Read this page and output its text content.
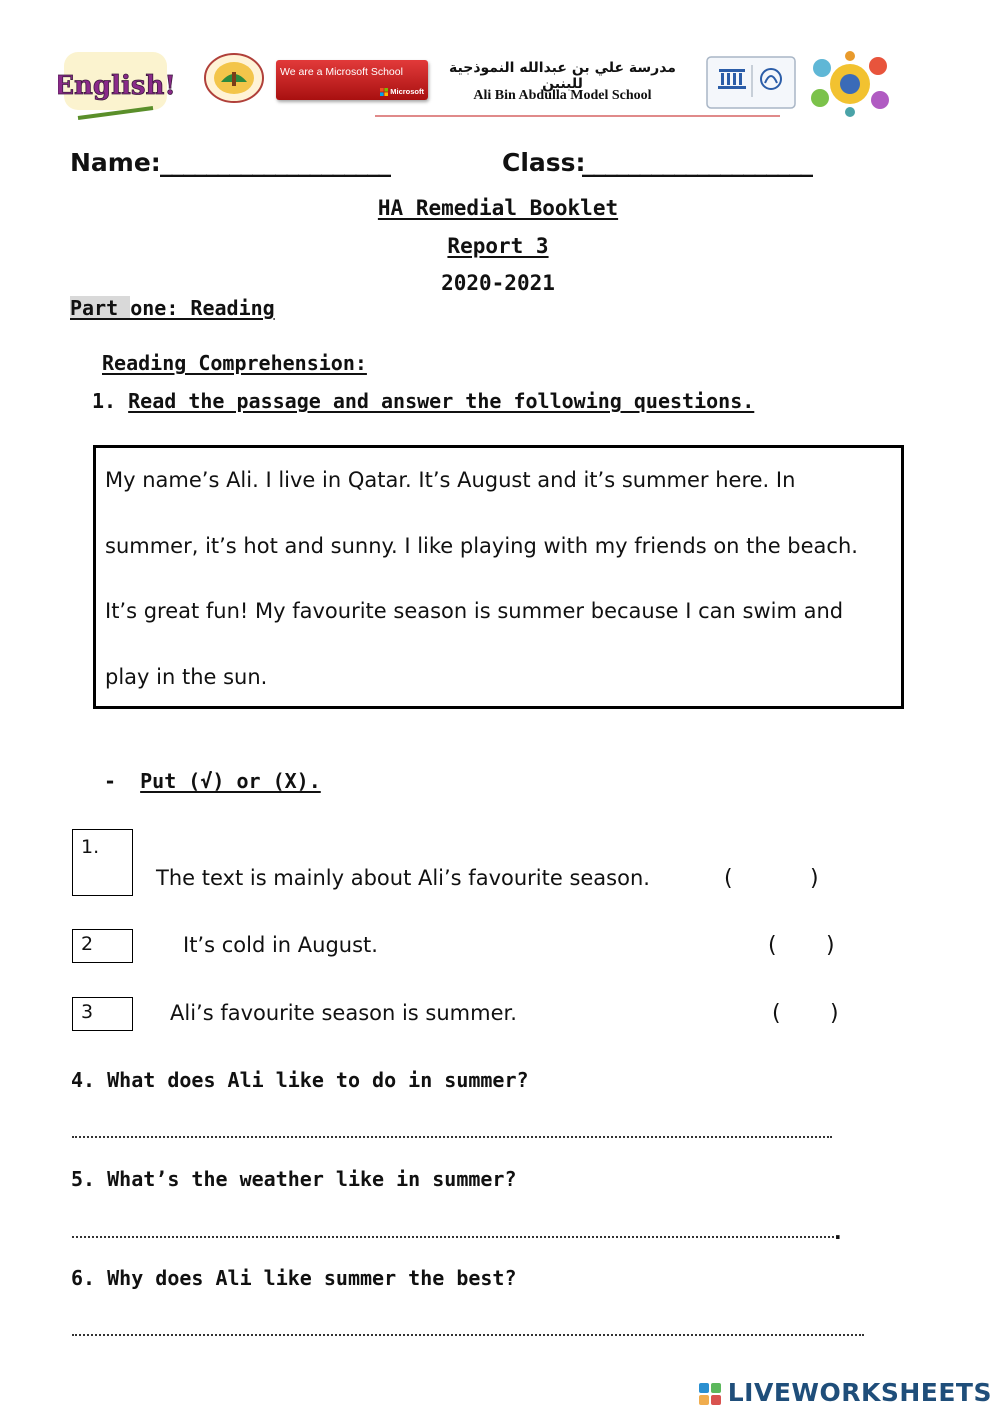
English!	We are a Microsoft School
Microsoft
مدرسة علي بن عبدالله النموذجية للبنين
Ali Bin Abdulla Model School
Name: ____________________	Class:
____________________
HA Remedial Booklet
Report 3
2020-2021
Part one: Reading
Reading Comprehension:
1. Read the passage and answer the following questions.

My name’s Ali. I live in Qatar. It’s August and it’s summer here. In

summer, it’s hot and sunny. I like playing with my friends on the beach.

It’s great fun! My favourite season is summer because I can swim and

play in the sun.

- Put (√) or (X).
1.
The text is mainly about Ali’s favourite season.	(	)
2	It’s cold in August.	( )
3	Ali’s favourite season is summer.	( )
4. What does Ali like to do in summer?
5. What’s the weather like in summer?
.
6. Why does Ali like summer the best?
LIVEWORKSHEETS
